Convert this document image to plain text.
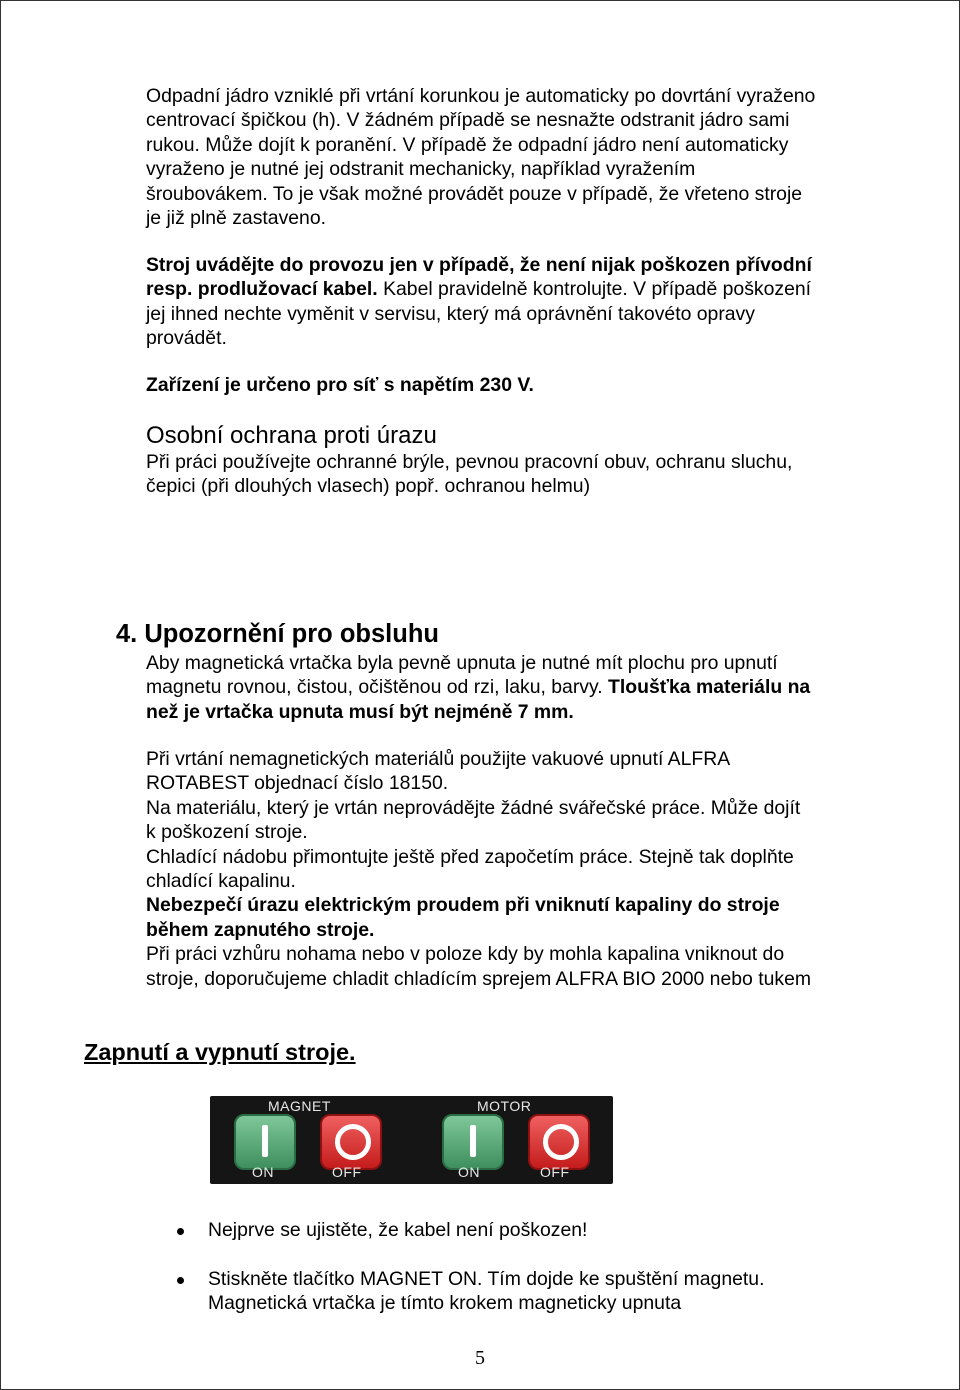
Odpadní jádro vzniklé při vrtání korunkou je automaticky po dovrtání vyraženo
centrovací špičkou (h). V žádném případě se nesnažte odstranit jádro sami
rukou. Může dojít k poranění. V případě že odpadní jádro není automaticky
vyraženo je nutné jej odstranit mechanicky, například vyražením
šroubovákem. To je však možné provádět pouze v případě, že vřeteno stroje
je již plně zastaveno.
Stroj uvádějte do provozu jen v případě, že není nijak poškozen přívodní
resp. prodlužovací kabel. Kabel pravidelně kontrolujte. V případě poškození
jej ihned nechte vyměnit v servisu, který má oprávnění takovéto opravy
provádět.
Zařízení je určeno pro síť s napětím 230 V.
Osobní ochrana proti úrazu
Při práci používejte ochranné brýle, pevnou pracovní obuv, ochranu sluchu,
čepici (při dlouhých vlasech) popř. ochranou helmu)
4. Upozornění pro obsluhu
Aby magnetická vrtačka byla pevně upnuta je nutné mít plochu pro upnutí
magnetu rovnou, čistou, očištěnou od rzi, laku, barvy. Tloušťka materiálu na
než je vrtačka upnuta musí být nejméně 7 mm.
Při vrtání nemagnetických materiálů použijte vakuové upnutí ALFRA
ROTABEST objednací číslo 18150.
Na materiálu, který je vrtán neprovádějte žádné svářečské práce. Může dojít
k poškození stroje.
Chladící nádobu přimontujte ještě před započetím práce. Stejně tak doplňte
chladící kapalinu.
Nebezpečí úrazu elektrickým proudem při vniknutí kapaliny do stroje
během zapnutého stroje.
Při práci vzhůru nohama nebo v poloze kdy by mohla kapalina vniknout do
stroje, doporučujeme chladit chladícím sprejem ALFRA BIO 2000 nebo tukem
Zapnutí a vypnutí stroje.
MAGNET	MOTOR
ON	OFF	ON	OFF
Nejprve se ujistěte, že kabel není poškozen!
Stiskněte tlačítko MAGNET ON. Tím dojde ke spuštění magnetu.
Magnetická vrtačka je tímto krokem magneticky upnuta
5
